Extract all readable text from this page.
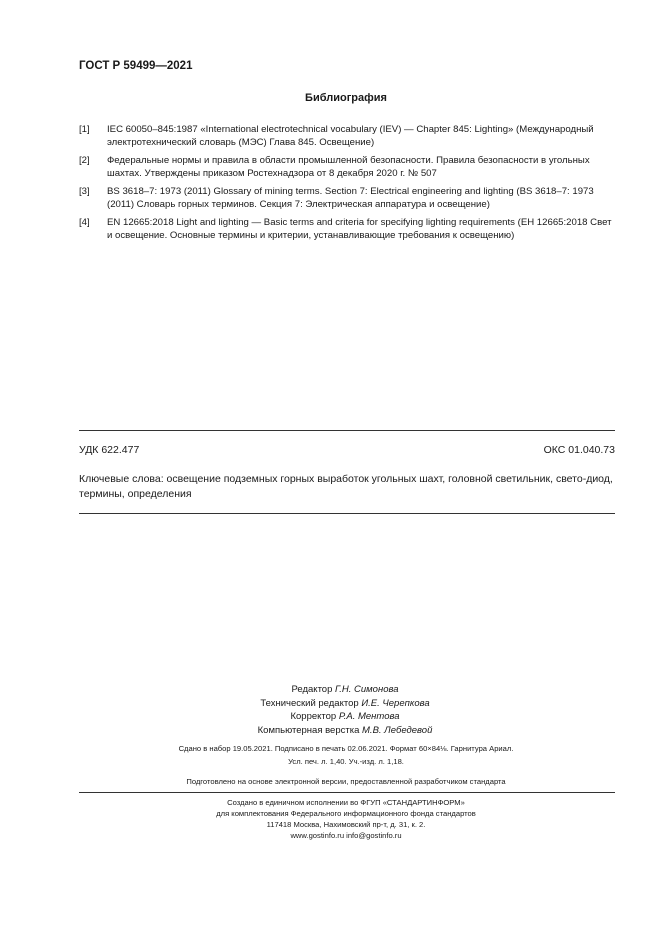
ГОСТ Р 59499—2021
Библиография
[1]	IEC 60050–845:1987 «International electrotechnical vocabulary (IEV) — Chapter 845: Lighting» (Международный электротехнический словарь (МЭС) Глава 845. Освещение)
[2]	Федеральные нормы и правила в области промышленной безопасности. Правила безопасности в угольных шахтах. Утверждены приказом Ростехнадзора от 8 декабря 2020 г. № 507
[3]	BS 3618–7: 1973 (2011) Glossary of mining terms. Section 7: Electrical engineering and lighting (BS 3618–7: 1973 (2011) Словарь горных терминов. Секция 7: Электрическая аппаратура и освещение)
[4]	EN 12665:2018 Light and lighting — Basic terms and criteria for specifying lighting requirements (ЕН 12665:2018 Свет и освещение. Основные термины и критерии, устанавливающие требования к освещению)
УДК 622.477	ОКС 01.040.73
Ключевые слова: освещение подземных горных выработок угольных шахт, головной светильник, свето-диод, термины, определения
Редактор Г.Н. Симонова
Технический редактор И.Е. Черепкова
Корректор Р.А. Ментова
Компьютерная верстка М.В. Лебедевой
Сдано в набор 19.05.2021. Подписано в печать 02.06.2021. Формат 60×84⅛. Гарнитура Ариал.
Усл. печ. л. 1,40. Уч.-изд. л. 1,18.
Подготовлено на основе электронной версии, предоставленной разработчиком стандарта
Создано в единичном исполнении во ФГУП «СТАНДАРТИНФОРМ»
для комплектования Федерального информационного фонда стандартов
117418 Москва, Нахимовский пр-т, д. 31, к. 2.
www.gostinfo.ru info@gostinfo.ru
